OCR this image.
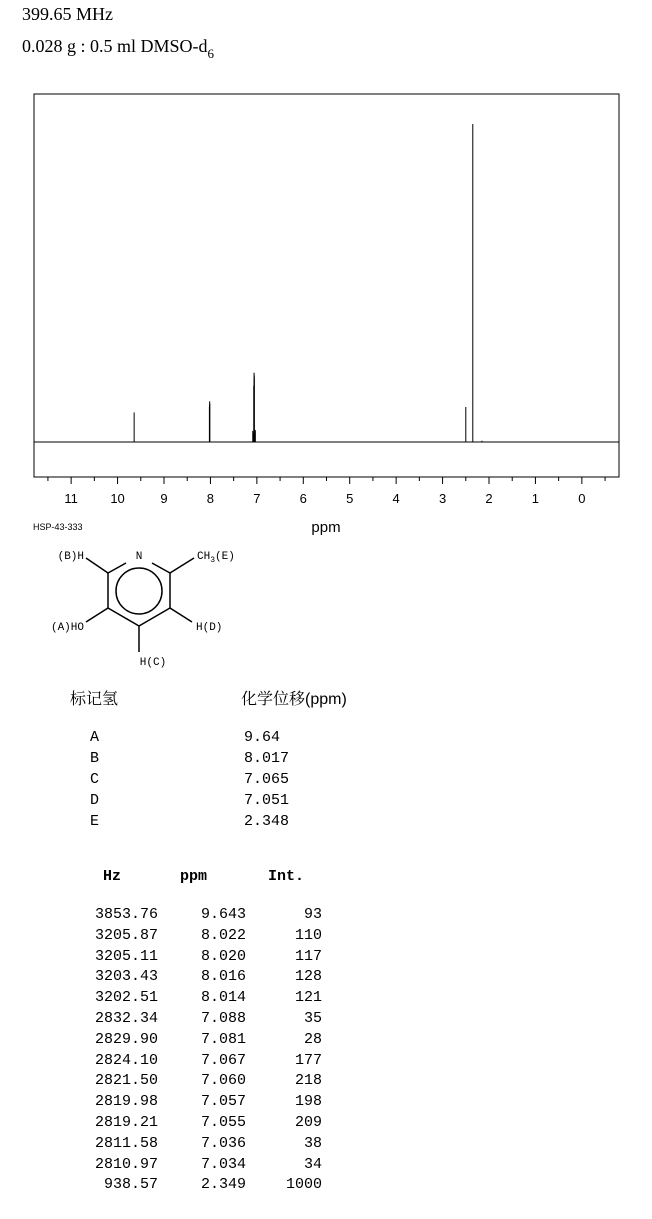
399.65 MHz
0.028 g : 0.5 ml DMSO-$d_6$
11 10	9	8	7	6	5	4	3	2	1	0
ppm
HSP-43-333
N
(B)H	$CH_3(E)$
(A)HO	H(D)
H(C)
标记氢	化学位移(ppm)
A	9.64
B	8.017
C	7.065
D	7.051
E	2.348
Hz	ppm	Int.
3853.76	9.643	93
3205.87	8.022	110
3205.11	8.020	117
3203.43	8.016	128
3202.51	8.014	121
2832.34	7.088	35
2829.90	7.081	28
2824.10	7.067	177
2821.50	7.060	218
2819.98	7.057	198
2819.21	7.055	209
2811.58	7.036	38
2810.97	7.034	34
938.57	2.349	1000
